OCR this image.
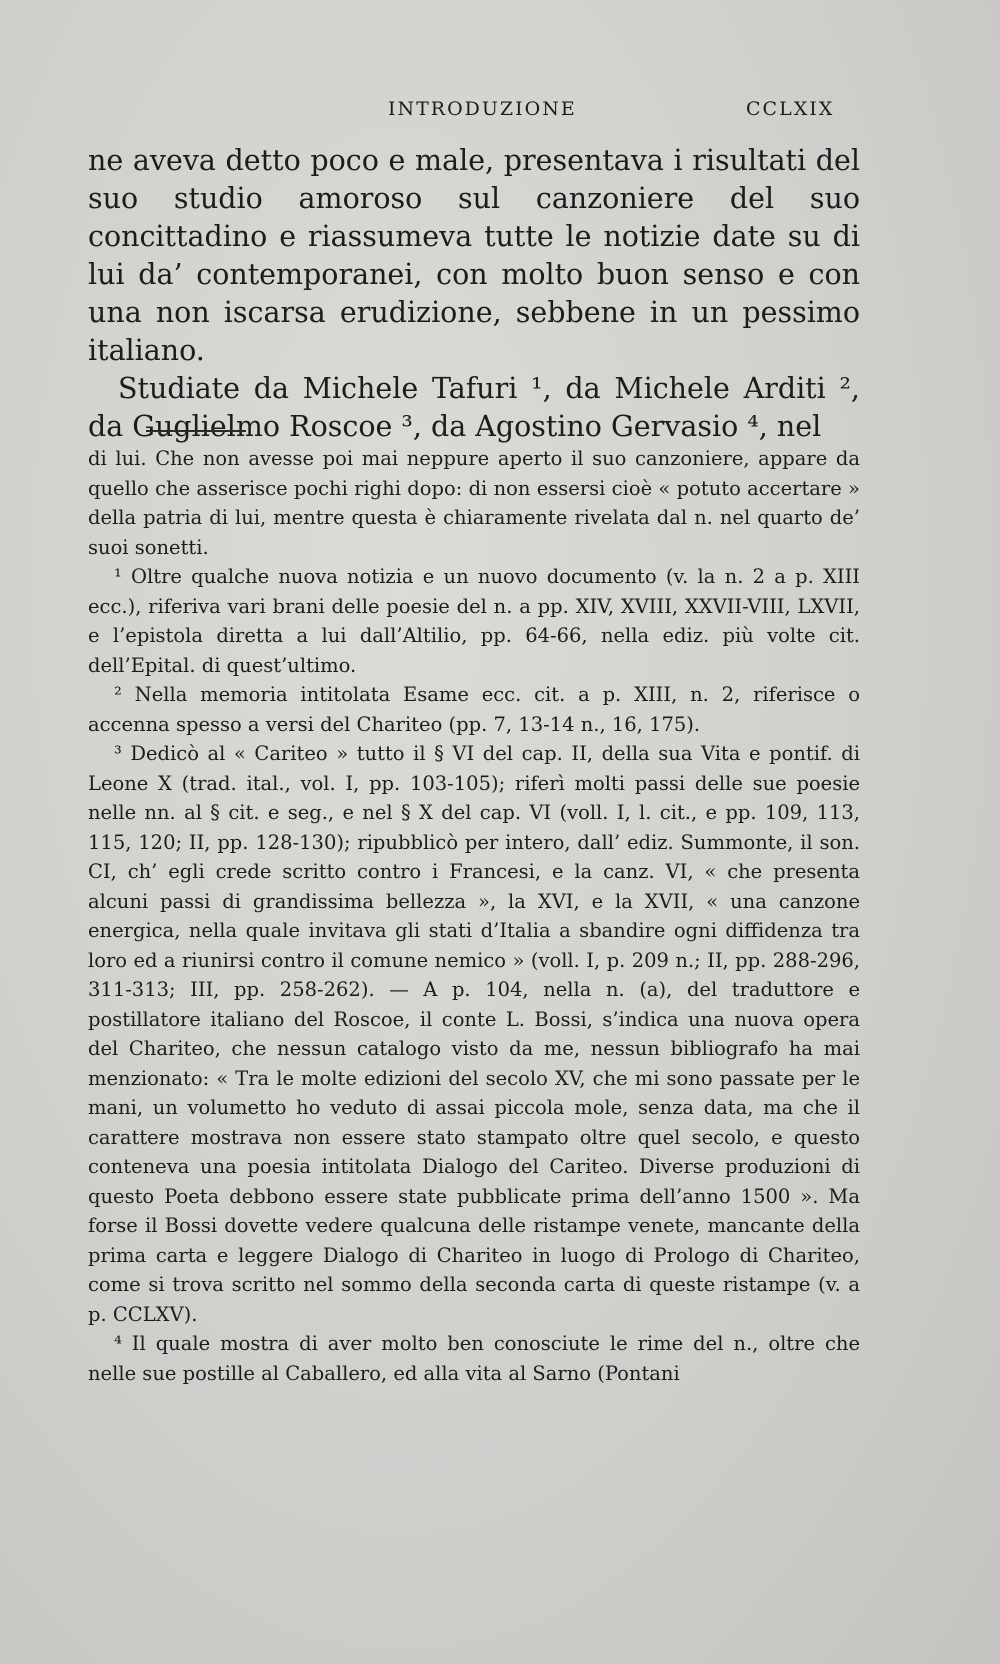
INTRODUZIONE	CCLXIX

ne aveva detto poco e male, presentava i risultati del suo studio amoroso sul canzoniere del suo concittadino e riassumeva tutte le notizie date su di lui da’ contemporanei, con molto buon senso e con una non iscarsa erudizione, sebbene in un pessimo italiano.

Studiate da Michele Tafuri ¹, da Michele Arditi ², da Guglielmo Roscoe ³, da Agostino Gervasio ⁴, nel

di lui. Che non avesse poi mai neppure aperto il suo canzoniere, appare da quello che asserisce pochi righi dopo: di non essersi cioè « potuto accertare » della patria di lui, mentre questa è chiaramente rivelata dal n. nel quarto de’ suoi sonetti.

¹ Oltre qualche nuova notizia e un nuovo documento (v. la n. 2 a p. XIII ecc.), riferiva vari brani delle poesie del n. a pp. XIV, XVIII, XXVII-VIII, LXVII, e l’epistola diretta a lui dall’Altilio, pp. 64-66, nella ediz. più volte cit. dell’Epital. di quest’ultimo.

² Nella memoria intitolata Esame ecc. cit. a p. XIII, n. 2, riferisce o accenna spesso a versi del Chariteo (pp. 7, 13-14 n., 16, 175).

³ Dedicò al « Cariteo » tutto il § VI del cap. II, della sua Vita e pontif. di Leone X (trad. ital., vol. I, pp. 103-105); riferì molti passi delle sue poesie nelle nn. al § cit. e seg., e nel § X del cap. VI (voll. I, l. cit., e pp. 109, 113, 115, 120; II, pp. 128-130); ripubblicò per intero, dall’ ediz. Summonte, il son. CI, ch’ egli crede scritto contro i Francesi, e la canz. VI, « che presenta alcuni passi di grandissima bellezza », la XVI, e la XVII, « una canzone energica, nella quale invitava gli stati d’Italia a sbandire ogni diffidenza tra loro ed a riunirsi contro il comune nemico » (voll. I, p. 209 n.; II, pp. 288-296, 311-313; III, pp. 258-262). — A p. 104, nella n. (a), del traduttore e postillatore italiano del Roscoe, il conte L. Bossi, s’indica una nuova opera del Chariteo, che nessun catalogo visto da me, nessun bibliografo ha mai menzionato: « Tra le molte edizioni del secolo XV, che mi sono passate per le mani, un volumetto ho veduto di assai piccola mole, senza data, ma che il carattere mostrava non essere stato stampato oltre quel secolo, e questo conteneva una poesia intitolata Dialogo del Cariteo. Diverse produzioni di questo Poeta debbono essere state pubblicate prima dell’anno 1500 ». Ma forse il Bossi dovette vedere qualcuna delle ristampe venete, mancante della prima carta e leggere Dialogo di Chariteo in luogo di Prologo di Chariteo, come si trova scritto nel sommo della seconda carta di queste ristampe (v. a p. CCLXV).

⁴ Il quale mostra di aver molto ben conosciute le rime del n., oltre che nelle sue postille al Caballero, ed alla vita al Sarno (Pontani
